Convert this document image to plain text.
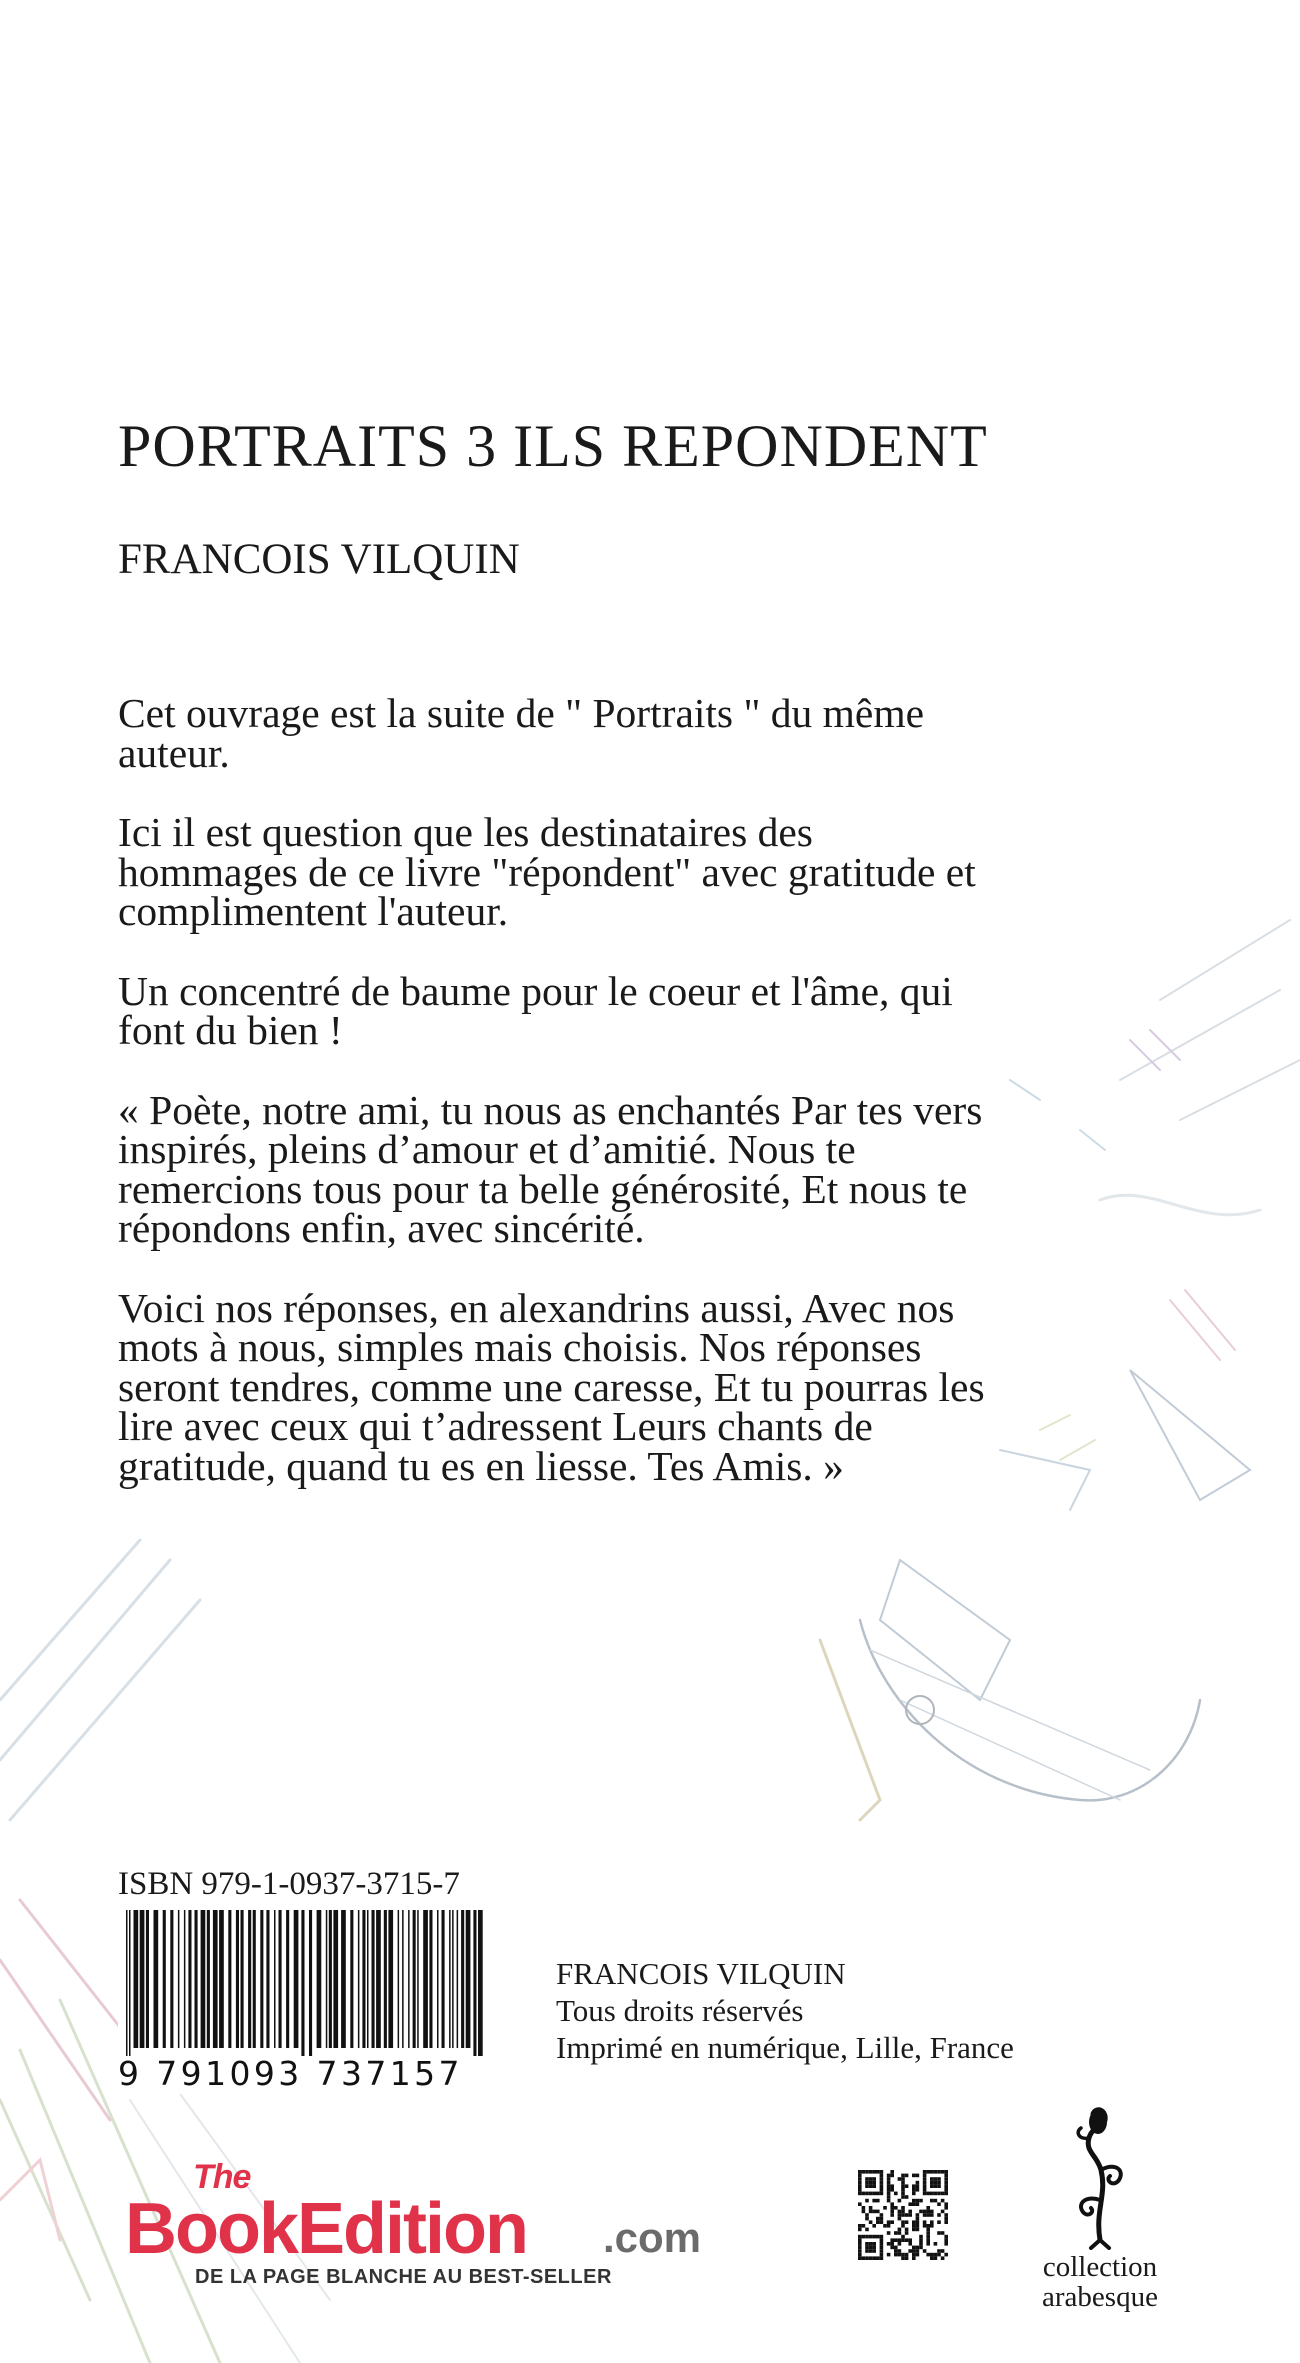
PORTRAITS 3 ILS REPONDENT
FRANCOIS VILQUIN

Cet ouvrage est la suite de " Portraits " du même auteur.

Ici il est question que les destinataires des hommages de ce livre "répondent" avec gratitude et complimentent l'auteur.

Un concentré de baume pour le coeur et l'âme, qui font du bien !

« Poète, notre ami, tu nous as enchantés Par tes vers inspirés, pleins d’amour et d’amitié. Nous te remercions tous pour ta belle générosité, Et nous te répondons enfin, avec sincérité.

Voici nos réponses, en alexandrins aussi, Avec nos mots à nous, simples mais choisis. Nos réponses seront tendres, comme une caresse, Et tu pourras les lire avec ceux qui t’adressent Leurs chants de gratitude, quand tu es en liesse. Tes Amis. »

ISBN 979-1-0937-3715-7
9 791093 737157
FRANCOIS VILQUIN
Tous droits réservés
Imprimé en numérique, Lille, France
The
BookEdition .com
DE LA PAGE BLANCHE AU BEST-SELLER	collection
arabesque
